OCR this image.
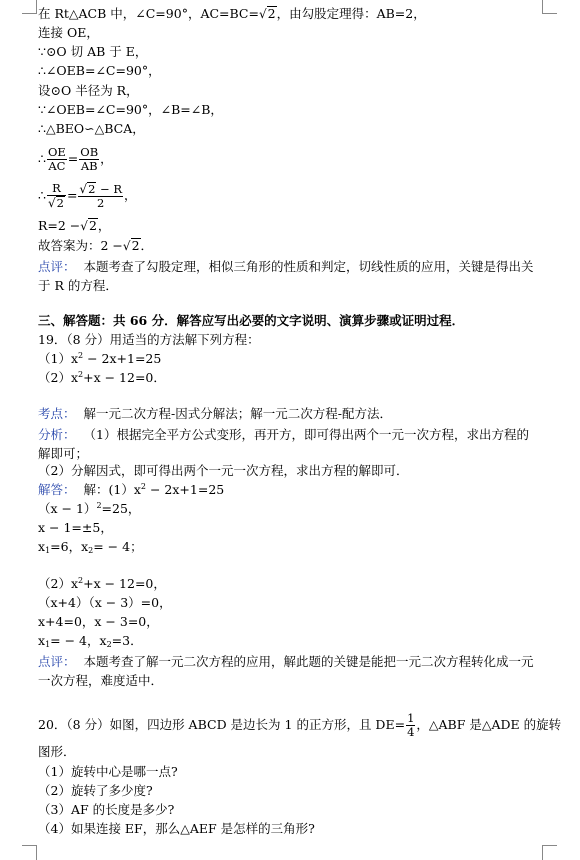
在 Rt△ACB 中，∠C=90°，AC=BC=√2，由勾股定理得：AB=2，
连接 OE，
∵⊙O 切 AB 于 E，
∴∠OEB=∠C=90°，
设⊙O 半径为 R，
∵∠OEB=∠C=90°，∠B=∠B，
∴△BEO∽△BCA，
∴ $\frac{OE}{AC} = \frac{OB}{AB}$ ，
∴ $\frac{R}{√2} = \frac{√2 - R}{2}$ ，
R=2 −√2，
故答案为：2 −√2．
点评： 本题考查了勾股定理，相似三角形的性质和判定，切线性质的应用，关键是得出关于 R 的方程．
三、解答题：共 66 分．解答应写出必要的文字说明、演算步骤或证明过程．
19．（8 分）用适当的方法解下列方程：
$(1)x^2 - 2x+1=25$
$(2)x^2+x - 12=0$．
考点： 解一元二次方程-因式分解法；解一元二次方程-配方法．
分析： （1）根据完全平方公式变形，再开方，即可得出两个一元一次方程，求出方程的解即可；
（2）分解因式，即可得出两个一元一次方程，求出方程的解即可．
解答： 解：$(1)x^2 - 2x+1=25$
$(x - 1)^2=25$，
x − 1=±5，
$x_1=6$，$x_2= - 4$；
$(2)x^2+x - 12=0$，
（x+4）（x − 3）=0，
x+4=0，x − 3=0，
$x_1= - 4$，$x_2=3$．
点评： 本题考查了解一元二次方程的应用，解此题的关键是能把一元二次方程转化成一元一次方程，难度适中．
20．（8 分）如图，四边形 ABCD 是边长为 1 的正方形，且 $DE= \frac{1}{4}$ ，△ABF 是△ADE 的旋转
图形．
（1）旋转中心是哪一点?
（2）旋转了多少度?
（3）AF 的长度是多少?
（4）如果连接 EF，那么△AEF 是怎样的三角形?
